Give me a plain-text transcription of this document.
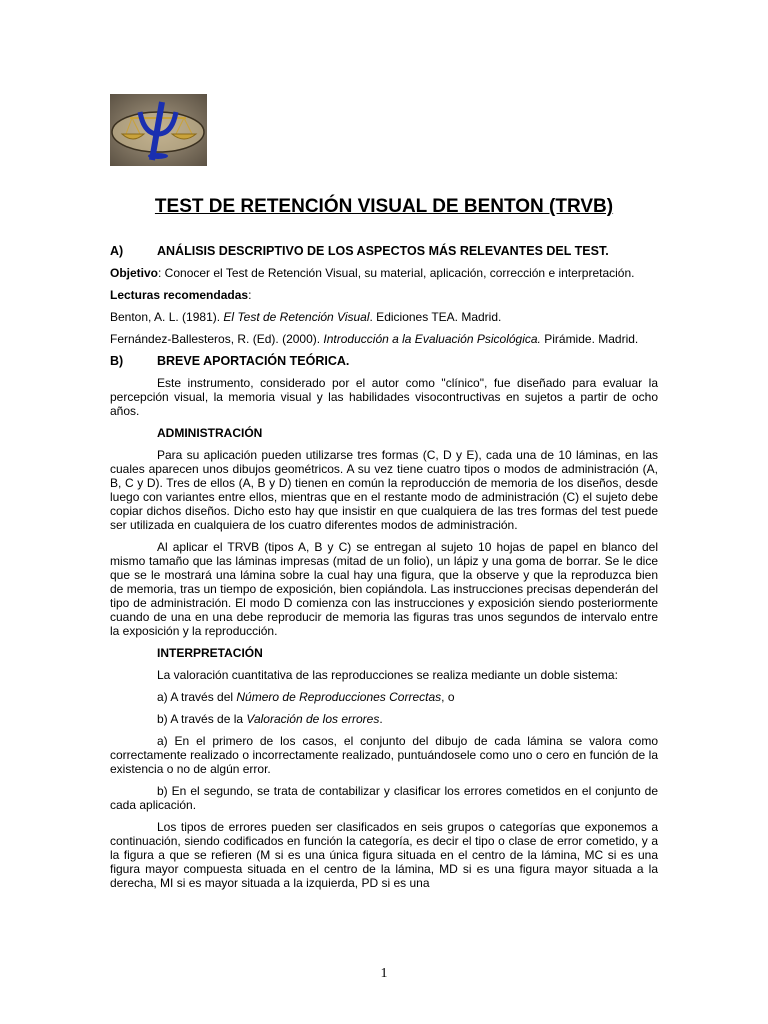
TEST DE RETENCIÓN VISUAL DE BENTON (TRVB)
A)	ANÁLISIS DESCRIPTIVO DE LOS ASPECTOS MÁS RELEVANTES DEL TEST.

Objetivo: Conocer el Test de Retención Visual, su material, aplicación, corrección e interpretación.

Lecturas recomendadas:

Benton, A. L. (1981). El Test de Retención Visual. Ediciones TEA. Madrid.

Fernández-Ballesteros, R. (Ed). (2000). Introducción a la Evaluación Psicológica. Pirámide. Madrid.

B)	BREVE APORTACIÓN TEÓRICA.

Este instrumento, considerado por el autor como "clínico", fue diseñado para evaluar la percepción visual, la memoria visual y las habilidades visocontructivas en sujetos a partir de ocho años.

ADMINISTRACIÓN

Para su aplicación pueden utilizarse tres formas (C, D y E), cada una de 10 láminas, en las cuales aparecen unos dibujos geométricos. A su vez tiene cuatro tipos o modos de administración (A, B, C y D). Tres de ellos (A, B y D) tienen en común la reproducción de memoria de los diseños, desde luego con variantes entre ellos, mientras que en el restante modo de administración (C) el sujeto debe copiar dichos diseños. Dicho esto hay que insistir en que cualquiera de las tres formas del test puede ser utilizada en cualquiera de los cuatro diferentes modos de administración.

Al aplicar el TRVB (tipos A, B y C) se entregan al sujeto 10 hojas de papel en blanco del mismo tamaño que las láminas impresas (mitad de un folio), un lápiz y una goma de borrar. Se le dice que se le mostrará una lámina sobre la cual hay una figura, que la observe y que la reproduzca bien de memoria, tras un tiempo de exposición, bien copiándola. Las instrucciones precisas dependerán del tipo de administración. El modo D comienza con las instrucciones y exposición siendo posteriormente cuando de una en una debe reproducir de memoria las figuras tras unos segundos de intervalo entre la exposición y la reproducción.

INTERPRETACIÓN

La valoración cuantitativa de las reproducciones se realiza mediante un doble sistema:

a) A través del Número de Reproducciones Correctas, o

b) A través de la Valoración de los errores.

a) En el primero de los casos, el conjunto del dibujo de cada lámina se valora como correctamente realizado o incorrectamente realizado, puntuándosele como uno o cero en función de la existencia o no de algún error.

b) En el segundo, se trata de contabilizar y clasificar los errores cometidos en el conjunto de cada aplicación.

Los tipos de errores pueden ser clasificados en seis grupos o categorías que exponemos a continuación, siendo codificados en función la categoría, es decir el tipo o clase de error cometido, y a la figura a que se refieren (M si es una única figura situada en el centro de la lámina, MC si es una figura mayor compuesta situada en el centro de la lámina, MD si es una figura mayor situada a la derecha, MI si es mayor situada a la izquierda, PD si es una

1
